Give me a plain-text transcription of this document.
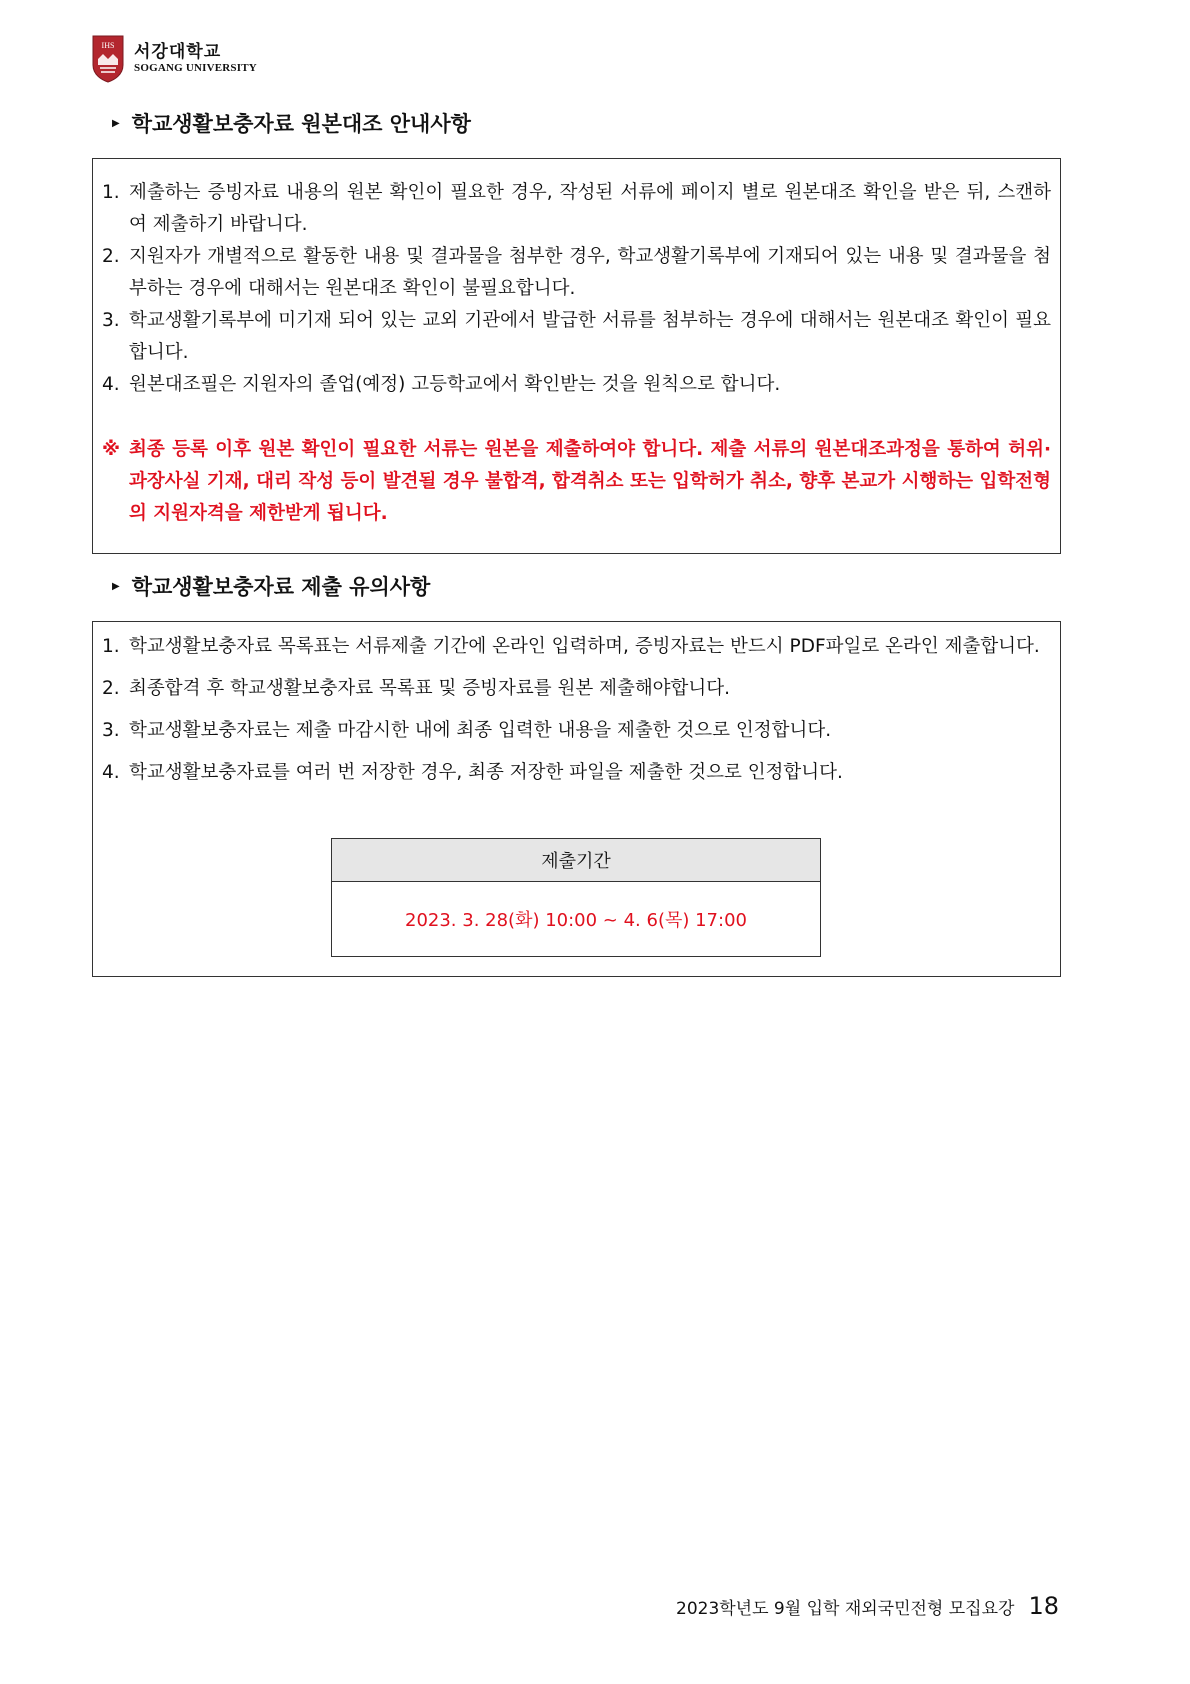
IHS 서강대학교
SOGANG UNIVERSITY
▶ 학교생활보충자료 원본대조 안내사항
1. 제출하는 증빙자료 내용의 원본 확인이 필요한 경우, 작성된 서류에 페이지 별로 원본대조 확인을 받은 뒤, 스캔하여 제출하기 바랍니다.
2. 지원자가 개별적으로 활동한 내용 및 결과물을 첨부한 경우, 학교생활기록부에 기재되어 있는 내용 및 결과물을 첨부하는 경우에 대해서는 원본대조 확인이 불필요합니다.
3. 학교생활기록부에 미기재 되어 있는 교외 기관에서 발급한 서류를 첨부하는 경우에 대해서는 원본대조 확인이 필요합니다.
4. 원본대조필은 지원자의 졸업(예정) 고등학교에서 확인받는 것을 원칙으로 합니다.
※ 최종 등록 이후 원본 확인이 필요한 서류는 원본을 제출하여야 합니다. 제출 서류의 원본대조과정을 통하여 허위·과장사실 기재, 대리 작성 등이 발견될 경우 불합격, 합격취소 또는 입학허가 취소, 향후 본교가 시행하는 입학전형의 지원자격을 제한받게 됩니다.
▶ 학교생활보충자료 제출 유의사항
1. 학교생활보충자료 목록표는 서류제출 기간에 온라인 입력하며, 증빙자료는 반드시 PDF파일로 온라인 제출합니다.
2. 최종합격 후 학교생활보충자료 목록표 및 증빙자료를 원본 제출해야합니다.
3. 학교생활보충자료는 제출 마감시한 내에 최종 입력한 내용을 제출한 것으로 인정합니다.
4. 학교생활보충자료를 여러 번 저장한 경우, 최종 저장한 파일을 제출한 것으로 인정합니다.
제출기간
2023. 3. 28(화) 10:00 ~ 4. 6(목) 17:00
2023학년도 9월 입학 재외국민전형 모집요강 18
